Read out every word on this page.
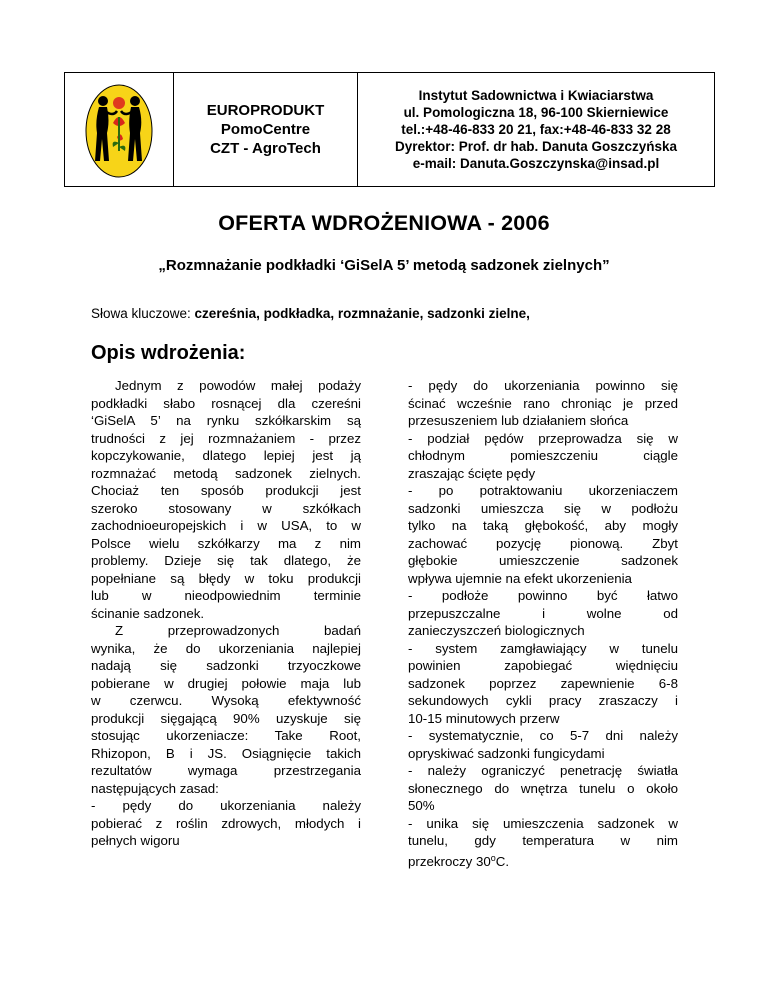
EUROPRODUKT
PomoCentre
CZT - AgroTech
Instytut Sadownictwa i Kwiaciarstwa
ul. Pomologiczna 18, 96-100 Skierniewice
tel.:+48-46-833 20 21, fax:+48-46-833 32 28
Dyrektor: Prof. dr hab. Danuta Goszczyńska
e-mail: Danuta.Goszczynska@insad.pl
OFERTA WDROŻENIOWA - 2006
„Rozmnażanie podkładki ‘GiSelA 5’ metodą sadzonek zielnych”
Słowa kluczowe: czereśnia, podkładka, rozmnażanie, sadzonki zielne,
Opis wdrożenia:
Jednym z powodów małej podaży
podkładki słabo rosnącej dla czereśni
‘GiSelA 5’ na rynku szkółkarskim są
trudności z jej rozmnażaniem - przez
kopczykowanie, dlatego lepiej jest ją
rozmnażać metodą sadzonek zielnych.
Chociaż ten sposób produkcji jest
szeroko stosowany w szkółkach
zachodnioeuropejskich i w USA, to w
Polsce wielu szkółkarzy ma z nim
problemy. Dzieje się tak dlatego, że
popełniane są błędy w toku produkcji
lub w nieodpowiednim terminie
ścinanie sadzonek.
Z przeprowadzonych badań
wynika, że do ukorzeniania najlepiej
nadają się sadzonki trzyoczkowe
pobierane w drugiej połowie maja lub
w czerwcu. Wysoką efektywność
produkcji sięgającą 90% uzyskuje się
stosując ukorzeniacze: Take Root,
Rhizopon, B i JS. Osiągnięcie takich
rezultatów wymaga przestrzegania
następujących zasad:
- pędy do ukorzeniania należy
pobierać z roślin zdrowych, młodych i
pełnych wigoru
- pędy do ukorzeniania powinno się
ścinać wcześnie rano chroniąc je przed
przesuszeniem lub działaniem słońca
- podział pędów przeprowadza się w
chłodnym pomieszczeniu ciągle
zraszając ścięte pędy
- po potraktowaniu ukorzeniaczem
sadzonki umieszcza się w podłożu
tylko na taką głębokość, aby mogły
zachować pozycję pionową. Zbyt
głębokie umieszczenie sadzonek
wpływa ujemnie na efekt ukorzenienia
- podłoże powinno być łatwo
przepuszczalne i wolne od
zanieczyszczeń biologicznych
- system zamgławiający w tunelu
powinien zapobiegać więdnięciu
sadzonek poprzez zapewnienie 6-8
sekundowych cykli pracy zraszaczy i
10-15 minutowych przerw
- systematycznie, co 5-7 dni należy
opryskiwać sadzonki fungicydami
- należy ograniczyć penetrację światła
słonecznego do wnętrza tunelu o około
50%
- unika się umieszczenia sadzonek w
tunelu, gdy temperatura w nim
przekroczy 30$^o$C.
